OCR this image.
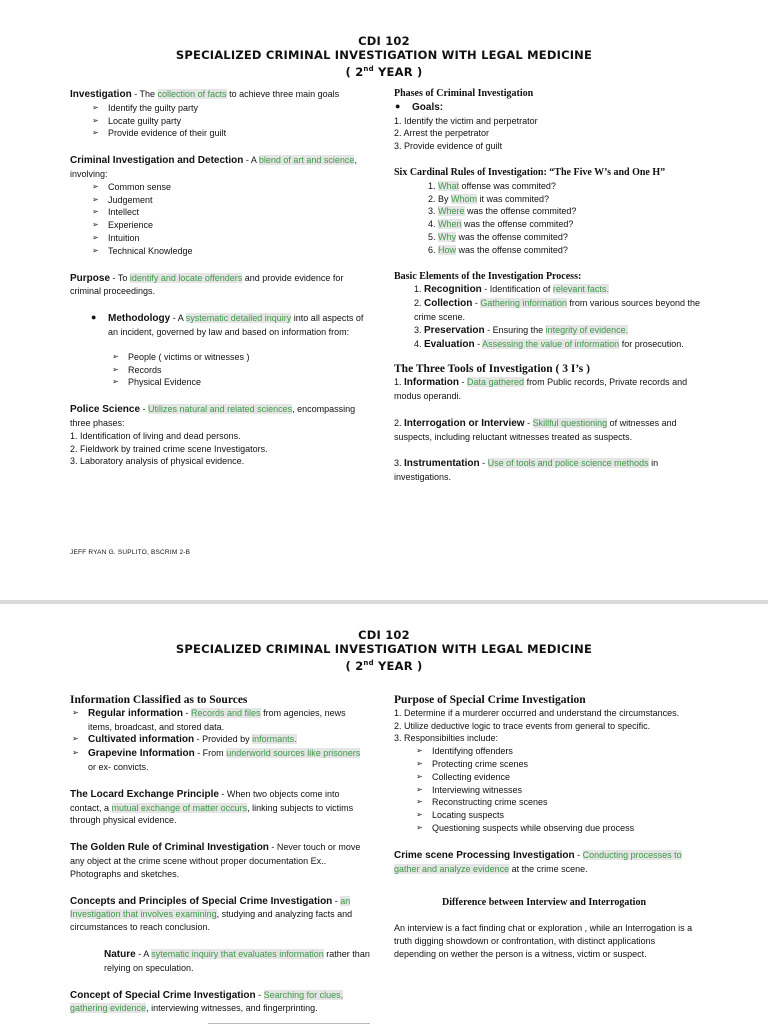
CDI 102
SPECIALIZED CRIMINAL INVESTIGATION WITH LEGAL MEDICINE
( 2nd YEAR )

Investigation - The collection of facts to achieve three main goals

➢ Identify the guilty party
➢ Locate guilty party
➢ Provide evidence of their guilt

Criminal Investigation and Detection - A blend of art and science, involving:

➢ Common sense
➢ Judgement
➢ Intellect
➢ Experience
➢ Intuition
➢ Technical Knowledge

Purpose - To identify and locate offenders and provide evidence for criminal proceedings.

● Methodology - A systematic detailed inquiry into all aspects of an incident, governed by law and based on information from:

➢ People ( victims or witnesses )
➢ Records
➢ Physical Evidence

Police Science - Utilizes natural and related sciences, encompassing three phases:

1. Identification of living and dead persons.

2. Fieldwork by trained crime scene Investigators.

3. Laboratory analysis of physical evidence.

Phases of Criminal Investigation

● Goals:

1. Identify the victim and perpetrator

2. Arrest the perpetrator

3. Provide evidence of guilt

Six Cardinal Rules of Investigation: “The Five W’s and One H”

1. What offense was commited?

2. By Whom it was commited?

3. Where was the offense commited?

4. When was the offense commited?

5. Why was the offense commited?

6. How was the offense commited?

Basic Elements of the Investigation Process:

1. Recognition - Identification of relevant facts.

2. Collection - Gathering information from various sources beyond the crime scene.

3. Preservation - Ensuring the integrity of evidence.

4. Evaluation - Assessing the value of information for prosecution.

The Three Tools of Investigation ( 3 I’s )

1. Information - Data gathered from Public records, Private records and modus operandi.

2. Interrogation or Interview - Skillful questioning of witnesses and suspects, including reluctant witnesses treated as suspects.

3. Instrumentation - Use of tools and police science methods in investigations.

JEFF RYAN G. SUPLITO, BSCRIM 2-B
CDI 102
SPECIALIZED CRIMINAL INVESTIGATION WITH LEGAL MEDICINE
( 2nd YEAR )

Information Classified as to Sources

➢ Regular information - Records and files from agencies, news items, broadcast, and stored data.
➢ Cultivated information - Provided by informants.
➢ Grapevine Information - From underworld sources like prisoners or ex- convicts.

The Locard Exchange Principle - When two objects come into contact, a mutual exchange of matter occurs, linking subjects to victims through physical evidence.

The Golden Rule of Criminal Investigation - Never touch or move any object at the crime scene without proper documentation Ex.. Photographs and sketches.

Concepts and Principles of Special Crime Investigation - an Investigation that involves examining, studying and analyzing facts and circumstances to reach conclusion.

Nature - A sytematic inquiry that evaluates information rather than relying on speculation.

Concept of Special Crime Investigation - Searching for clues, gathering evidence, interviewing witnesses, and fingerprinting.

Purpose of Special Crime Investigation

1. Determine if a murderer occurred and understand the circumstances.

2. Utilize deductive logic to trace events from general to specific.

3. Responsibilties include:

➢ Identifying offenders
➢ Protecting crime scenes
➢ Collecting evidence
➢ Interviewing witnesses
➢ Reconstructing crime scenes
➢ Locating suspects
➢ Questioning suspects while observing due process

Crime scene Processing Investigation - Conducting processes to gather and analyze evidence at the crime scene.

Difference between Interview and Interrogation

An interview is a fact finding chat or exploration , while an Interrogation is a truth digging showdown or confrontation, with distinct applications depending on wether the person is a witness, victim or suspect.
